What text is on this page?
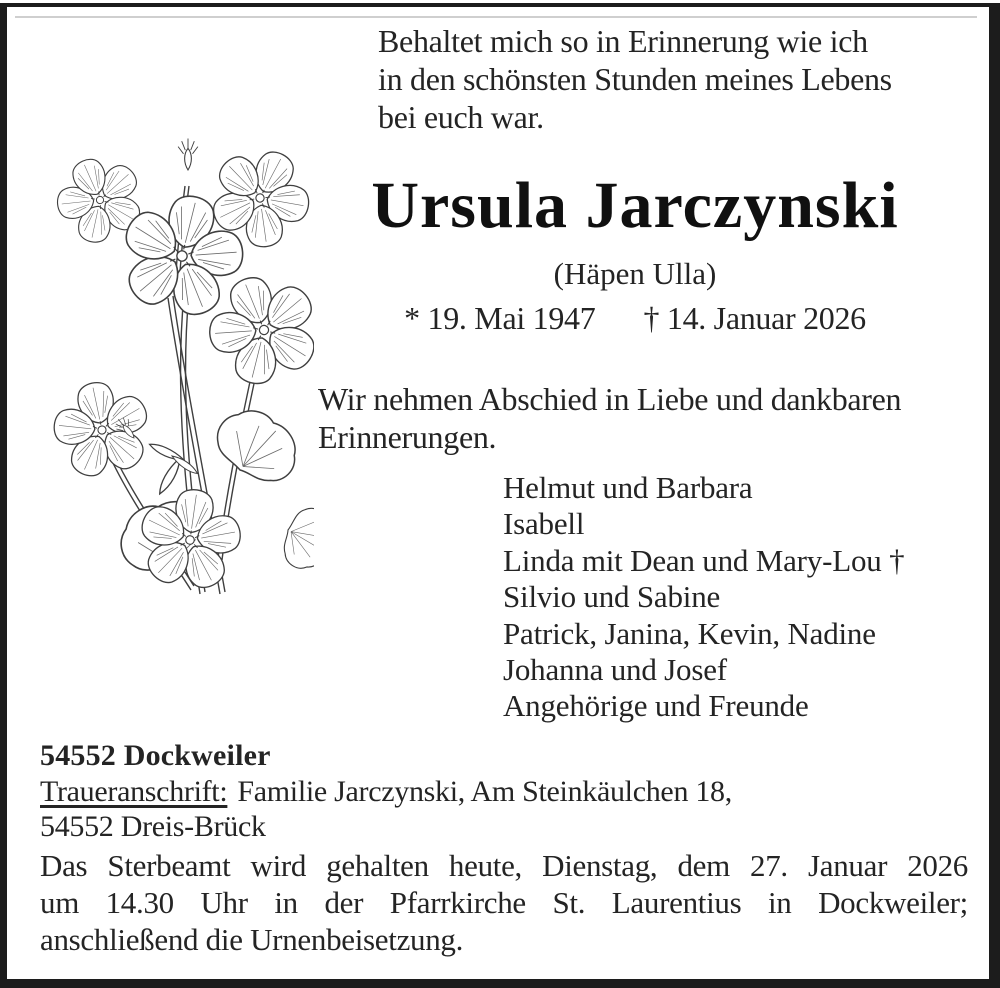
Behaltet mich so in Erinnerung wie ich
in den schönsten Stunden meines Lebens
bei euch war.
Ursula Jarczynski
(Häpen Ulla)
* 19. Mai 1947 † 14. Januar 2026
Wir nehmen Abschied in Liebe und dankbaren
Erinnerungen.
Helmut und Barbara
Isabell
Linda mit Dean und Mary-Lou †
Silvio und Sabine
Patrick, Janina, Kevin, Nadine
Johanna und Josef
Angehörige und Freunde
54552 Dockweiler
Traueranschrift: Familie Jarczynski, Am Steinkäulchen 18,
54552 Dreis-Brück
Das Sterbeamt wird gehalten heute, Dienstag, dem 27. Januar 2026
um 14.30 Uhr in der Pfarrkirche St. Laurentius in Dockweiler;
anschließend die Urnenbeisetzung.
